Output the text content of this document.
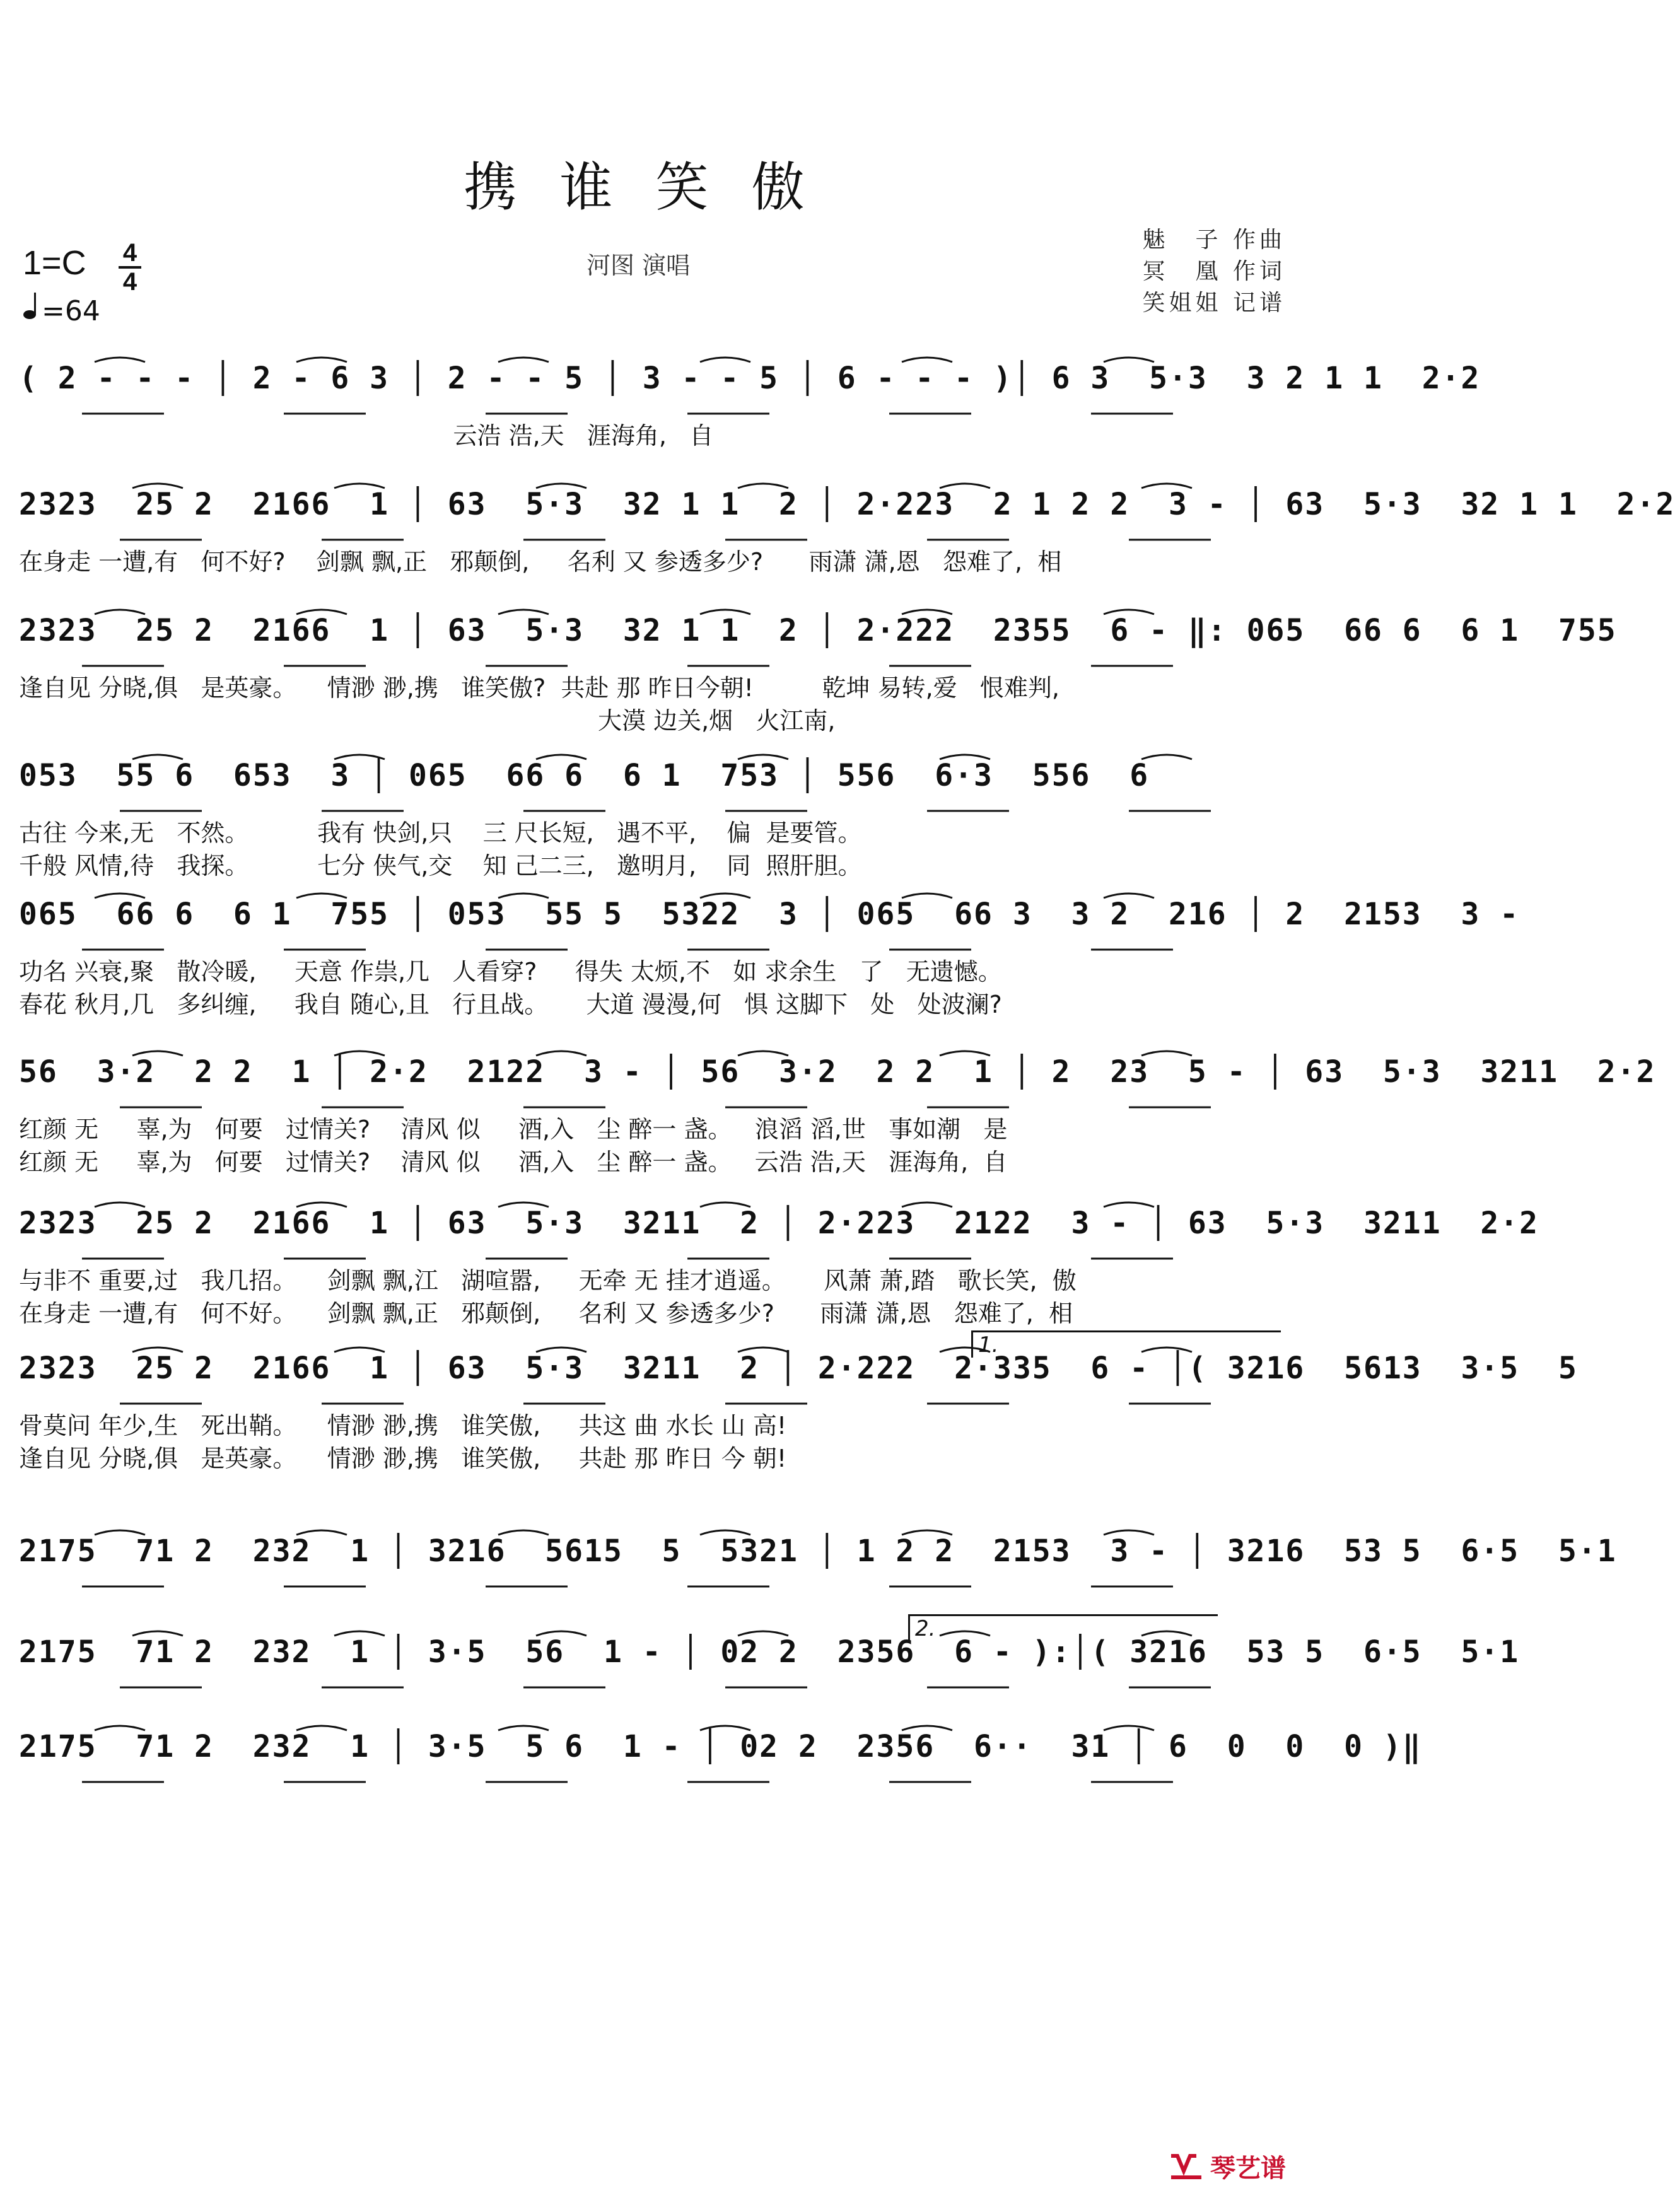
携谁笑傲
1=C 4
4
=64
河图 演唱
魅　子 作曲
冥　凰 作词
笑姐姐 记谱
( 2 - - - │ 2 - 6 3 │ 2 - - 5 │ 3 - - 5 │ 6 - - - )│ 6 3  5·3  3 2 1 1  2·2
云浩 浩,天   涯海角,   自
2323  25 2  2166  1 │ 63  5·3  32 1 1  2 │ 2·223  2 1 2 2  3 - │ 63  5·3  32 1 1  2·2
在身走 一遭,有   何不好?    剑飘 飘,正   邪颠倒,     名利 又 参透多少?      雨潇 潇,恩   怨难了,  相
2323  25 2  2166  1 │ 63  5·3  32 1 1  2 │ 2·222  2355  6 - ‖: 065  66 6  6 1  755
逢自见 分晓,俱   是英豪。    情渺 渺,携   谁笑傲?  共赴 那 昨日今朝!         乾坤 易转,爱   恨难判,
大漠 边关,烟   火江南,
053  55 6  653  3 │ 065  66 6  6 1  753 │ 556  6·3  556  6
古往 今来,无   不然。         我有 快剑,只    三 尺长短,   遇不平,    偏  是要管。
千般 风情,待   我探。         七分 侠气,交    知 己二三,   邀明月,    同  照肝胆。
065  66 6  6 1  755 │ 053  55 5  5322  3 │ 065  66 3  3 2  216 │ 2  2153  3 -
功名 兴衰,聚   散冷暖,     天意 作祟,几   人看穿?     得失 太烦,不   如 求余生   了   无遗憾。
春花 秋月,几   多纠缠,     我自 随心,且   行且战。     大道 漫漫,何   惧 这脚下   处   处波澜?
56  3·2  2 2  1 │ 2·2  2122  3 - │ 56  3·2  2 2  1 │ 2  23  5 - │ 63  5·3  3211  2·2
红颜 无     辜,为   何要   过情关?    清风 似     酒,入   尘 醉一 盏。   浪滔 滔,世   事如潮   是
红颜 无     辜,为   何要   过情关?    清风 似     酒,入   尘 醉一 盏。   云浩 浩,天   涯海角,  自
2323  25 2  2166  1 │ 63  5·3  3211  2 │ 2·223  2122  3 - │ 63  5·3  3211  2·2
与非不 重要,过   我几招。    剑飘 飘,江   湖喧嚣,     无牵 无 挂才逍遥。     风萧 萧,踏   歌长笑,  傲
在身走 一遭,有   何不好。    剑飘 飘,正   邪颠倒,     名利 又 参透多少?      雨潇 潇,恩   怨难了,  相
2323  25 2  2166  1 │ 63  5·3  3211  2 │ 2·222  2·335  6 - │( 3216  5613  3·5  5
骨莫问 年少,生   死出鞘。    情渺 渺,携   谁笑傲,     共这 曲 水长 山 高!
逢自见 分晓,俱   是英豪。    情渺 渺,携   谁笑傲,     共赴 那 昨日 今 朝!
2175  71 2  232  1 │ 3216  5615  5  5321 │ 1 2 2  2153  3 - │ 3216  53 5  6·5  5·1
2175  71 2  232  1 │ 3·5  56  1 - │ 02 2  2356  6 - ):│( 3216  53 5  6·5  5·1
2175  71 2  232  1 │ 3·5  5 6  1 - │ 02 2  2356  6··  31 │ 6  0  0  0 )‖
琴艺谱
1.
2.
